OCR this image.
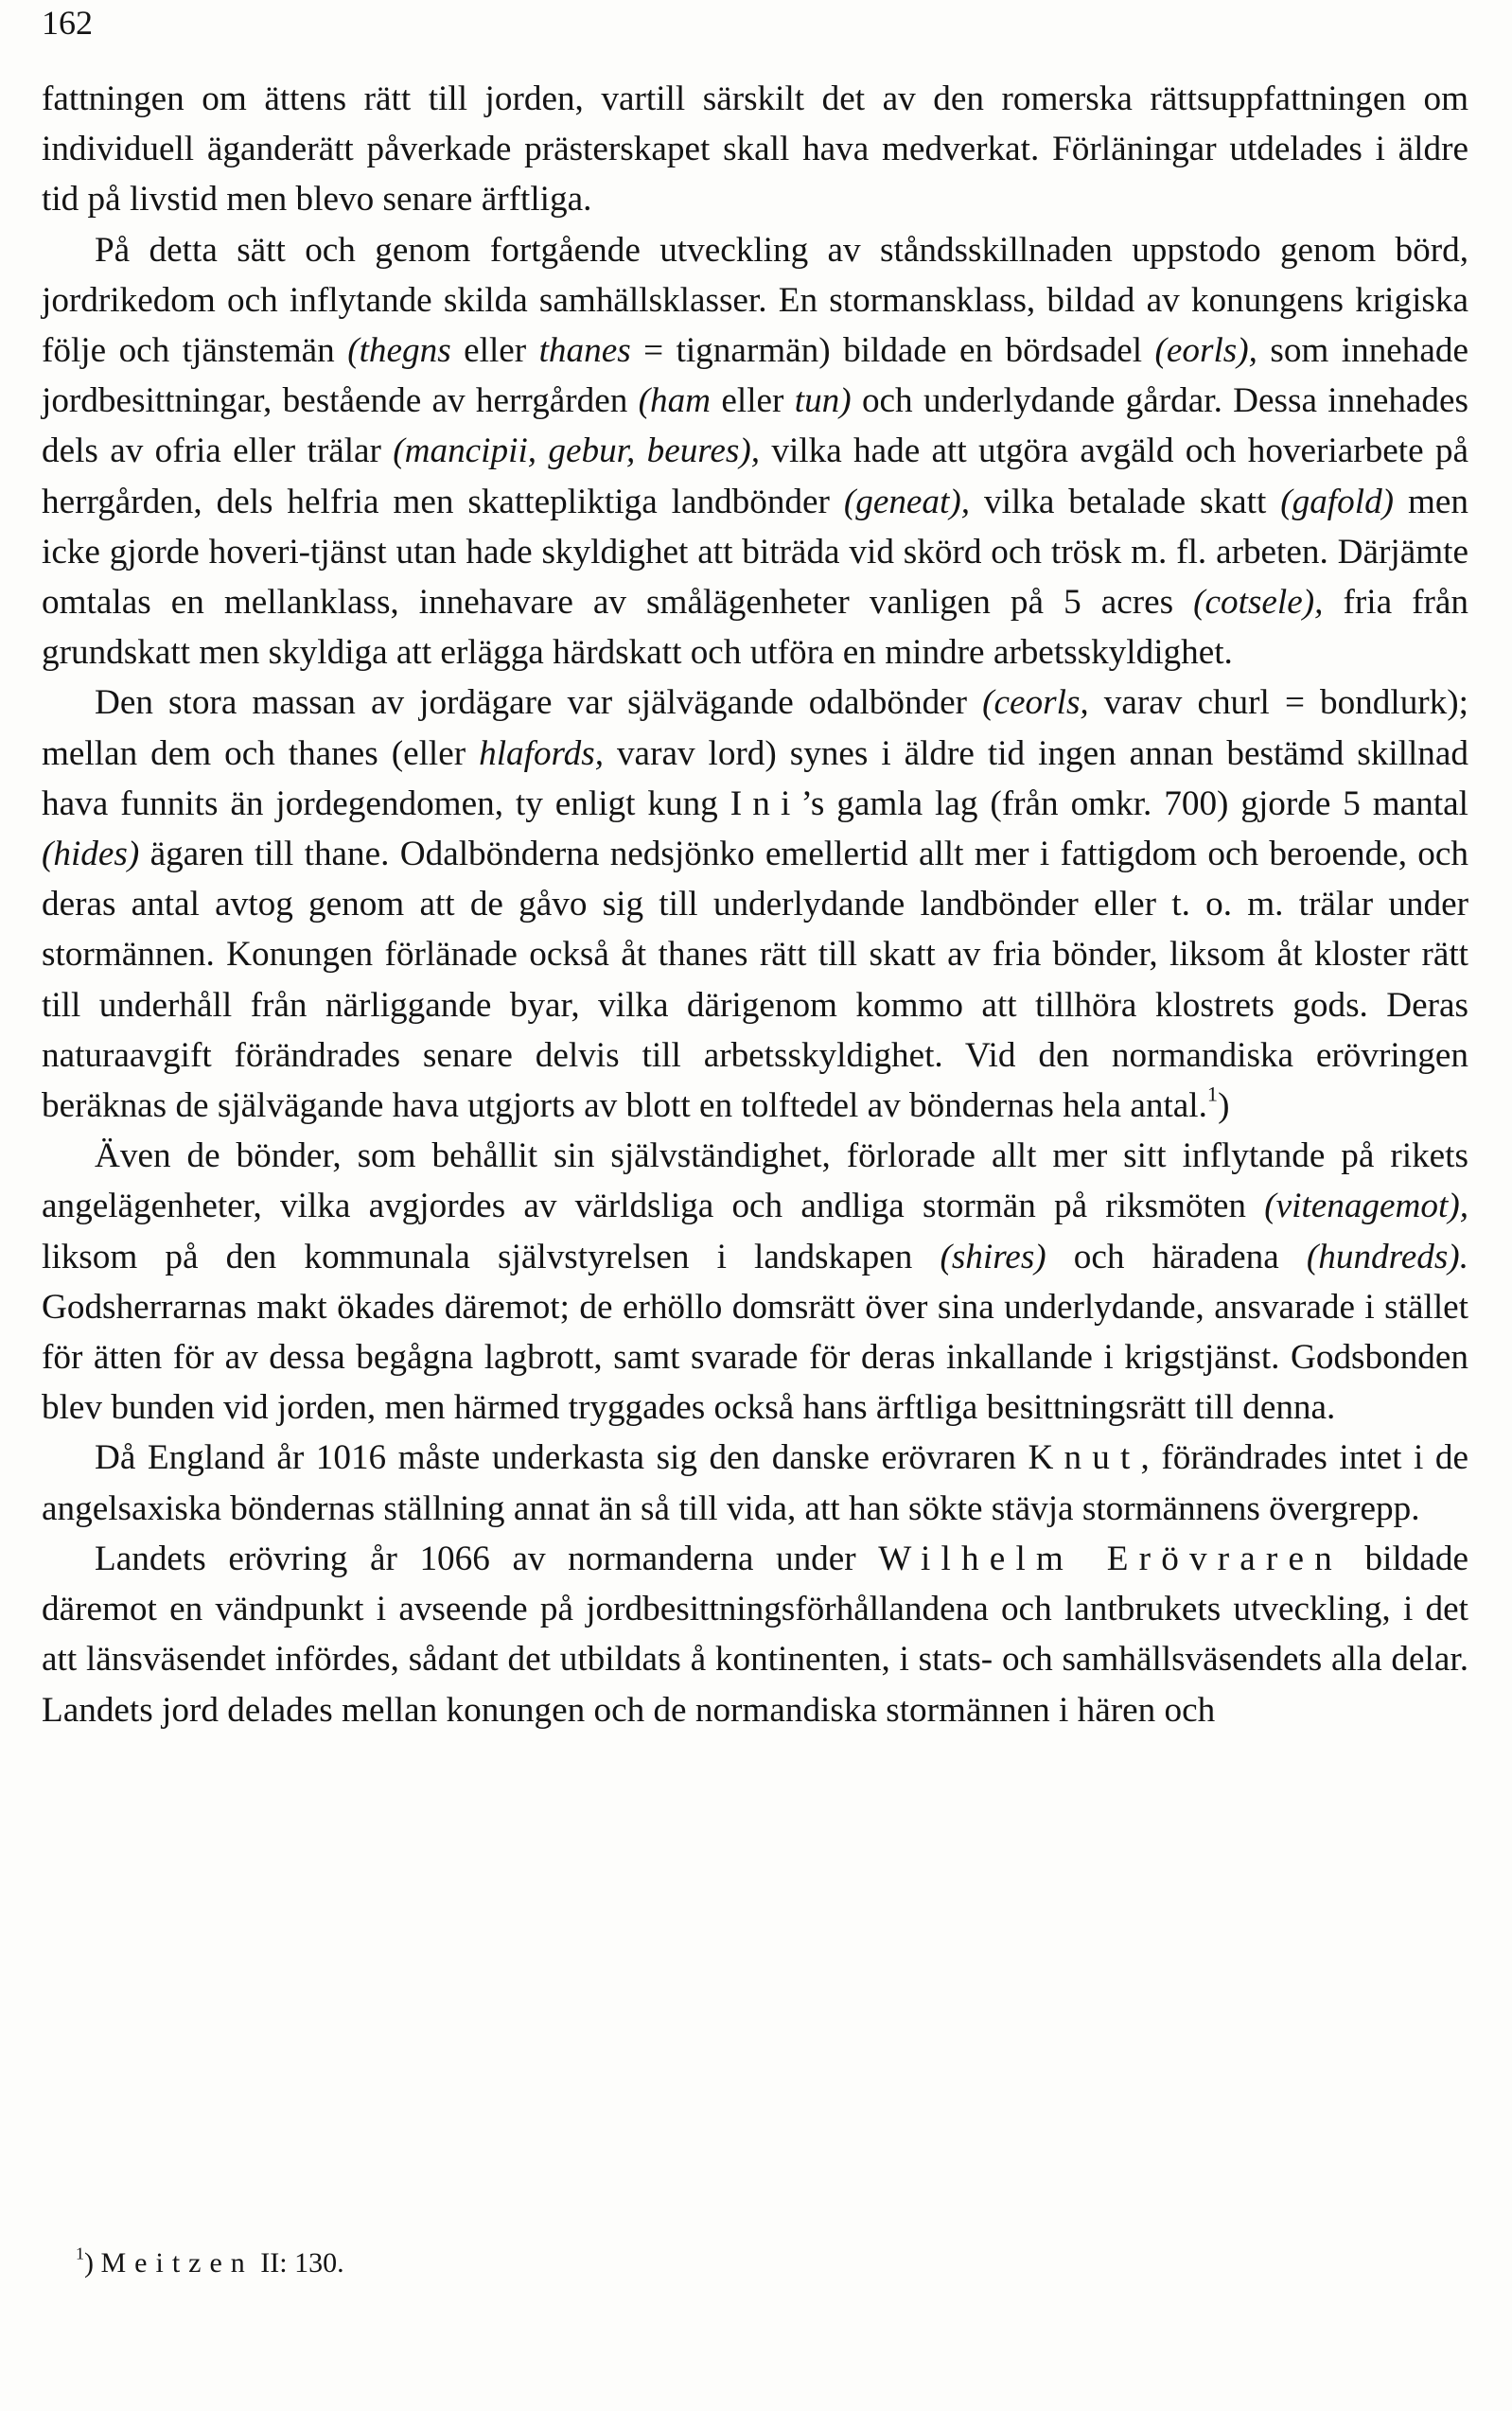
162

fattningen om ättens rätt till jorden, vartill särskilt det av den romerska rättsuppfattningen om individuell äganderätt påverkade prästerskapet skall hava medverkat. Förläningar utdelades i äldre tid på livstid men blevo senare ärftliga.

På detta sätt och genom fortgående utveckling av ståndsskillnaden uppstodo genom börd, jordrikedom och inflytande skilda samhällsklasser. En stormansklass, bildad av konungens krigiska följe och tjänstemän (thegns eller thanes = tignarmän) bildade en bördsadel (eorls), som innehade jordbesittningar, bestående av herrgården (ham eller tun) och underlydande gårdar. Dessa innehades dels av ofria eller trälar (mancipii, gebur, beures), vilka hade att utgöra avgäld och hoveriarbete på herrgården, dels helfria men skattepliktiga landbönder (geneat), vilka betalade skatt (gafold) men icke gjorde hoveri-tjänst utan hade skyldighet att biträda vid skörd och trösk m. fl. arbeten. Därjämte omtalas en mellanklass, innehavare av smålägenheter vanligen på 5 acres (cotsele), fria från grundskatt men skyldiga att erlägga härdskatt och utföra en mindre arbetsskyldighet.

Den stora massan av jordägare var självägande odalbönder (ceorls, varav churl = bondlurk); mellan dem och thanes (eller hlafords, varav lord) synes i äldre tid ingen annan bestämd skillnad hava funnits än jordegendomen, ty enligt kung Ini’s gamla lag (från omkr. 700) gjorde 5 mantal (hides) ägaren till thane. Odalbönderna nedsjönko emellertid allt mer i fattigdom och beroende, och deras antal avtog genom att de gåvo sig till underlydande landbönder eller t. o. m. trälar under stormännen. Konungen förlänade också åt thanes rätt till skatt av fria bönder, liksom åt kloster rätt till underhåll från närliggande byar, vilka därigenom kommo att tillhöra klostrets gods. Deras naturaavgift förändrades senare delvis till arbetsskyldighet. Vid den normandiska erövringen beräknas de självägande hava utgjorts av blott en tolftedel av böndernas hela antal.$^1$)

Även de bönder, som behållit sin självständighet, förlorade allt mer sitt inflytande på rikets angelägenheter, vilka avgjordes av världsliga och andliga stormän på riksmöten (vitenagemot), liksom på den kommunala självstyrelsen i landskapen (shires) och häradena (hundreds). Godsherrarnas makt ökades däremot; de erhöllo domsrätt över sina underlydande, ansvarade i stället för ätten för av dessa begågna lagbrott, samt svarade för deras inkallande i krigstjänst. Godsbonden blev bunden vid jorden, men härmed tryggades också hans ärftliga besittningsrätt till denna.

Då England år 1016 måste underkasta sig den danske erövraren Knut, förändrades intet i de angelsaxiska böndernas ställning annat än så till vida, att han sökte stävja stormännens övergrepp.

Landets erövring år 1066 av normanderna under Wilhelm Erövraren bildade däremot en vändpunkt i avseende på jordbesittningsförhållandena och lantbrukets utveckling, i det att länsväsendet infördes, sådant det utbildats å kontinenten, i stats- och samhällsväsendets alla delar. Landets jord delades mellan konungen och de normandiska stormännen i hären och

$^1$) Meitzen II: 130.
